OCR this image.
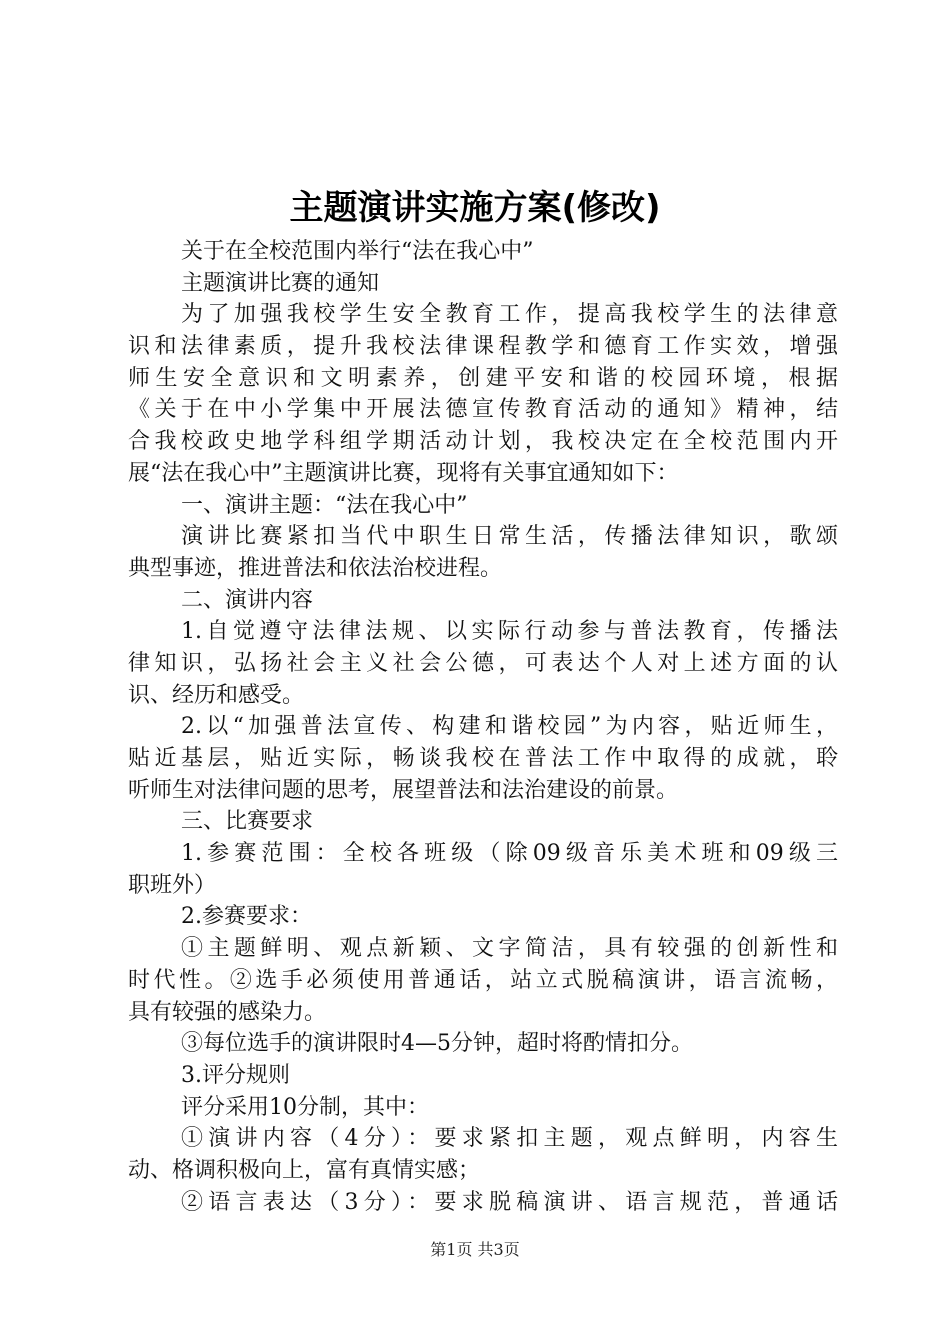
主题演讲实施方案(修改)
关于在全校范围内举行“法在我心中”
主题演讲比赛的通知
为了加强我校学生安全教育工作，提高我校学生的法律意
识和法律素质，提升我校法律课程教学和德育工作实效，增强
师生安全意识和文明素养，创建平安和谐的校园环境，根据
《关于在中小学集中开展法德宣传教育活动的通知》精神，结
合我校政史地学科组学期活动计划，我校决定在全校范围内开
展“法在我心中”主题演讲比赛，现将有关事宜通知如下：
一、演讲主题：“法在我心中”
演讲比赛紧扣当代中职生日常生活，传播法律知识，歌颂
典型事迹，推进普法和依法治校进程。
二、演讲内容
1.自觉遵守法律法规、以实际行动参与普法教育，传播法
律知识，弘扬社会主义社会公德，可表达个人对上述方面的认
识、经历和感受。
2.以“加强普法宣传、构建和谐校园”为内容，贴近师生，
贴近基层，贴近实际，畅谈我校在普法工作中取得的成就，聆
听师生对法律问题的思考，展望普法和法治建设的前景。
三、比赛要求
1.参赛范围：全校各班级（除09级音乐美术班和09级三
职班外）
2.参赛要求：
①主题鲜明、观点新颖、文字简洁，具有较强的创新性和
时代性。②选手必须使用普通话，站立式脱稿演讲，语言流畅，
具有较强的感染力。
③每位选手的演讲限时4—5分钟，超时将酌情扣分。
3.评分规则
评分采用10分制，其中：
①演讲内容（4分）：要求紧扣主题，观点鲜明，内容生
动、格调积极向上，富有真情实感；
②语言表达（3分）：要求脱稿演讲、语言规范，普通话
第1页 共3页
